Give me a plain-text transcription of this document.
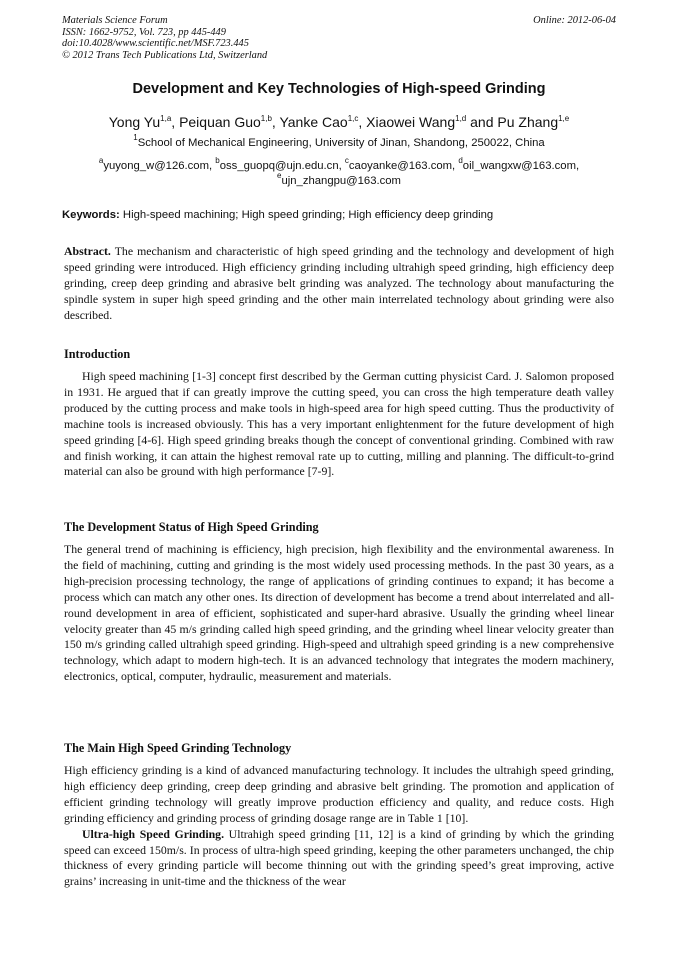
Materials Science Forum
ISSN: 1662-9752, Vol. 723, pp 445-449
doi:10.4028/www.scientific.net/MSF.723.445
© 2012 Trans Tech Publications Ltd, Switzerland
Online: 2012-06-04
Development and Key Technologies of High-speed Grinding
Yong Yu$^{1,a}$, Peiquan Guo$^{1,b}$, Yanke Cao$^{1,c}$, Xiaowei Wang$^{1,d}$ and Pu Zhang$^{1,e}$
$^1$School of Mechanical Engineering, University of Jinan, Shandong, 250022, China
$^a$yuyong_w@126.com, $^b$oss_guopq@ujn.edu.cn, $^c$caoyanke@163.com, $^d$oil_wangxw@163.com,
$^e$ujn_zhangpu@163.com
Keywords: High-speed machining; High speed grinding; High efficiency deep grinding

Abstract. The mechanism and characteristic of high speed grinding and the technology and development of high speed grinding were introduced. High efficiency grinding including ultrahigh speed grinding, high efficiency deep grinding, creep deep grinding and abrasive belt grinding was analyzed. The technology about manufacturing the spindle system in super high speed grinding and the other main interrelated technology about grinding were also described.

Introduction

High speed machining [1-3] concept first described by the German cutting physicist Card. J. Salomon proposed in 1931. He argued that if can greatly improve the cutting speed, you can cross the high temperature death valley produced by the cutting process and make tools in high-speed area for high speed cutting. Thus the productivity of machine tools is increased obviously. This has a very important enlightenment for the future development of high speed grinding [4-6]. High speed grinding breaks though the concept of conventional grinding. Combined with raw and finish working, it can attain the highest removal rate up to cutting, milling and planning. The difficult-to-grind material can also be ground with high performance [7-9].

The Development Status of High Speed Grinding

The general trend of machining is efficiency, high precision, high flexibility and the environmental awareness. In the field of machining, cutting and grinding is the most widely used processing methods. In the past 30 years, as a high-precision processing technology, the range of applications of grinding continues to expand; it has become a process which can match any other ones. Its direction of development has become a trend about interrelated and all-round development in area of efficient, sophisticated and super-hard abrasive. Usually the grinding wheel linear velocity greater than 45 m/s grinding called high speed grinding, and the grinding wheel linear velocity greater than 150 m/s grinding called ultrahigh speed grinding. High-speed and ultrahigh speed grinding is a new comprehensive technology, which adapt to modern high-tech. It is an advanced technology that integrates the modern machinery, electronics, optical, computer, hydraulic, measurement and materials.

The Main High Speed Grinding Technology

High efficiency grinding is a kind of advanced manufacturing technology. It includes the ultrahigh speed grinding, high efficiency deep grinding, creep deep grinding and abrasive belt grinding. The promotion and application of efficient grinding technology will greatly improve production efficiency and quality, and reduce costs. High grinding efficiency and grinding process of grinding dosage range are in Table 1 [10].

Ultra-high Speed Grinding. Ultrahigh speed grinding [11, 12] is a kind of grinding by which the grinding speed can exceed 150m/s. In process of ultra-high speed grinding, keeping the other parameters unchanged, the chip thickness of every grinding particle will become thinning out with the grinding speed’s great improving, active grains’ increasing in unit-time and the thickness of the wear
